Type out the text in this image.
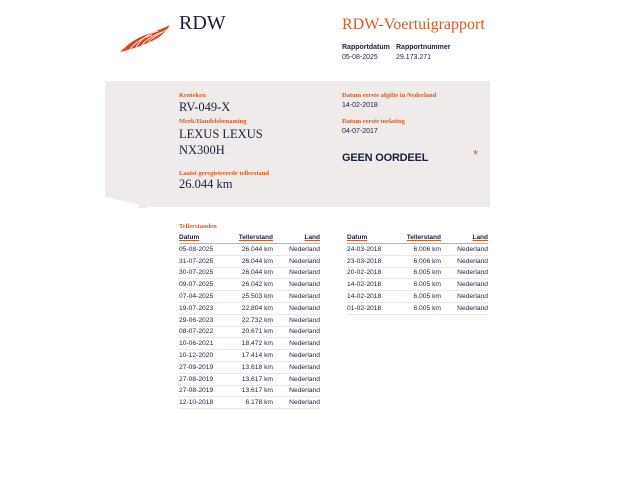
RDW	RDW-Voertuigrapport
Rapportdatum
05-08-2025
Rapportnummer
29.173.271
Kenteken
RV-049-X
Merk/Handelsbenaming
LEXUS LEXUS
NX300H
Laatst geregistreerde tellerstand
26.044 km
Datum eerste afgifte in Nederland
14-02-2018
Datum eerste toelating
04-07-2017
GEEN OORDEEL	*
Tellerstanden
Datum	Tellerstand	Land
05-08-2025	26.044 km	Nederland
31-07-2025	26.044 km	Nederland
30-07-2025	26.044 km	Nederland
09-07-2025	26.042 km	Nederland
07-04-2025	25.503 km	Nederland
19-07-2023	22.804 km	Nederland
29-06-2023	22.732 km	Nederland
08-07-2022	20.671 km	Nederland
10-06-2021	18.472 km	Nederland
10-12-2020	17.414 km	Nederland
27-09-2019	13.618 km	Nederland
27-08-2019	13.617 km	Nederland
27-08-2019	13.617 km	Nederland
12-10-2018	6.178 km	Nederland
Datum	Tellerstand	Land
24-03-2018	6.006 km	Nederland
23-03-2018	6.006 km	Nederland
20-02-2018	6.005 km	Nederland
14-02-2018	6.005 km	Nederland
14-02-2018	6.005 km	Nederland
01-02-2018	6.005 km	Nederland
